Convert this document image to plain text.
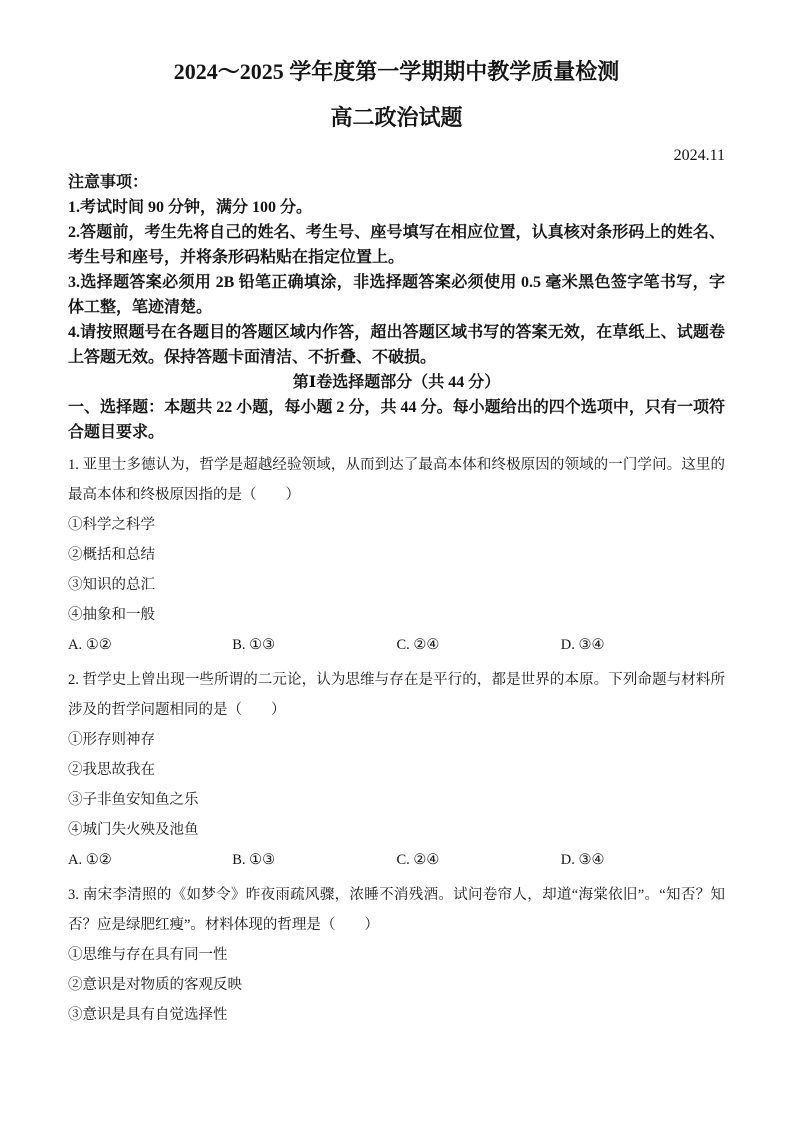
2024～2025 学年度第一学期期中教学质量检测
高二政治试题
2024.11

注意事项：

1.考试时间 90 分钟，满分 100 分。

2.答题前，考生先将自己的姓名、考生号、座号填写在相应位置，认真核对条形码上的姓名、考生号和座号，并将条形码粘贴在指定位置上。

3.选择题答案必须用 2B 铅笔正确填涂，非选择题答案必须使用 0.5 毫米黑色签字笔书写，字体工整，笔迹清楚。

4.请按照题号在各题目的答题区域内作答，超出答题区域书写的答案无效，在草纸上、试题卷上答题无效。保持答题卡面清洁、不折叠、不破损。

第Ⅰ卷选择题部分（共 44 分）

一、选择题：本题共 22 小题，每小题 2 分，共 44 分。每小题给出的四个选项中，只有一项符合题目要求。

1. 亚里士多德认为，哲学是超越经验领域，从而到达了最高本体和终极原因的领域的一门学问。这里的最高本体和终极原因指的是（　　）

①科学之科学

②概括和总结

③知识的总汇

④抽象和一般

A. ①②	B. ①③	C. ②④	D. ③④

2. 哲学史上曾出现一些所谓的二元论，认为思维与存在是平行的，都是世界的本原。下列命题与材料所涉及的哲学问题相同的是（　　）

①形存则神存

②我思故我在

③子非鱼安知鱼之乐

④城门失火殃及池鱼

A. ①②	B. ①③	C. ②④	D. ③④

3. 南宋李清照的《如梦令》昨夜雨疏风骤，浓睡不消残酒。试问卷帘人，却道“海棠依旧”。“知否？知否？应是绿肥红瘦”。材料体现的哲理是（　　）

①思维与存在具有同一性

②意识是对物质的客观反映

③意识是具有自觉选择性
